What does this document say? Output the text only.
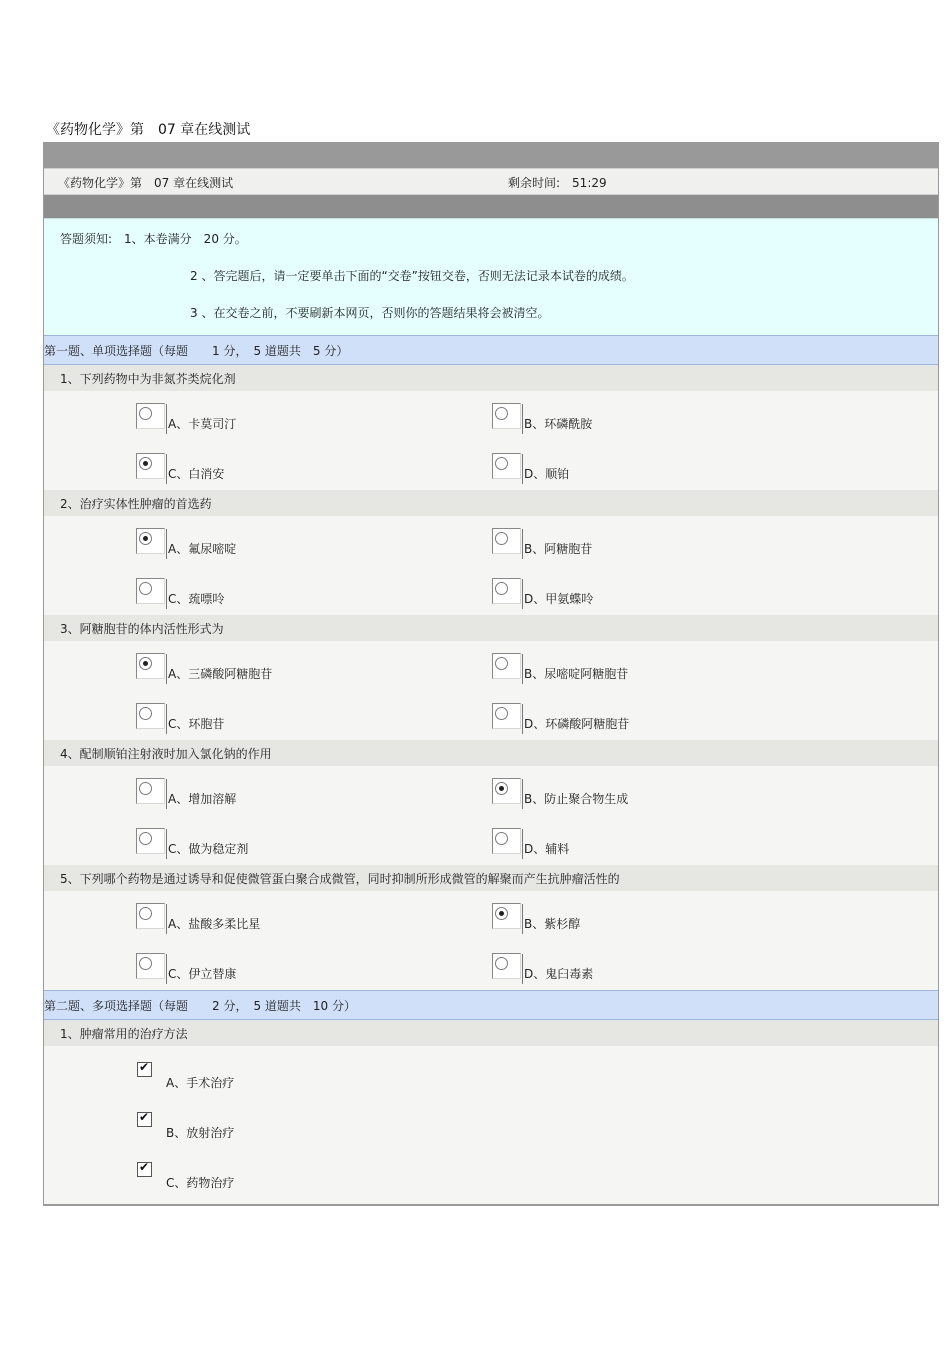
《药物化学》第　07 章在线测试
《药物化学》第　07 章在线测试	剩余时间:　51:29
答题须知:　1、本卷满分　20 分。
2 、答完题后，请一定要单击下面的“交卷”按钮交卷，否则无法记录本试卷的成绩。
3 、在交卷之前，不要刷新本网页，否则你的答题结果将会被清空。
第一题、单项选择题（每题　　1 分，　5 道题共　5 分）
1、下列药物中为非氮芥类烷化剂
A、卡莫司汀	B、环磷酰胺
C、白消安	D、顺铂
2、治疗实体性肿瘤的首选药
A、氟尿嘧啶	B、阿糖胞苷
C、巯嘌呤	D、甲氨蝶呤
3、阿糖胞苷的体内活性形式为
A、三磷酸阿糖胞苷	B、尿嘧啶阿糖胞苷
C、环胞苷	D、环磷酸阿糖胞苷
4、配制顺铂注射液时加入氯化钠的作用
A、增加溶解	B、防止聚合物生成
C、做为稳定剂	D、辅料
5、下列哪个药物是通过诱导和促使微管蛋白聚合成微管，同时抑制所形成微管的解聚而产生抗肿瘤活性的
A、盐酸多柔比星	B、紫杉醇
C、伊立替康	D、鬼臼毒素
第二题、多项选择题（每题　　2 分，　5 道题共　10 分）
1、肿瘤常用的治疗方法
✔
A、手术治疗
✔
B、放射治疗
✔
C、药物治疗
